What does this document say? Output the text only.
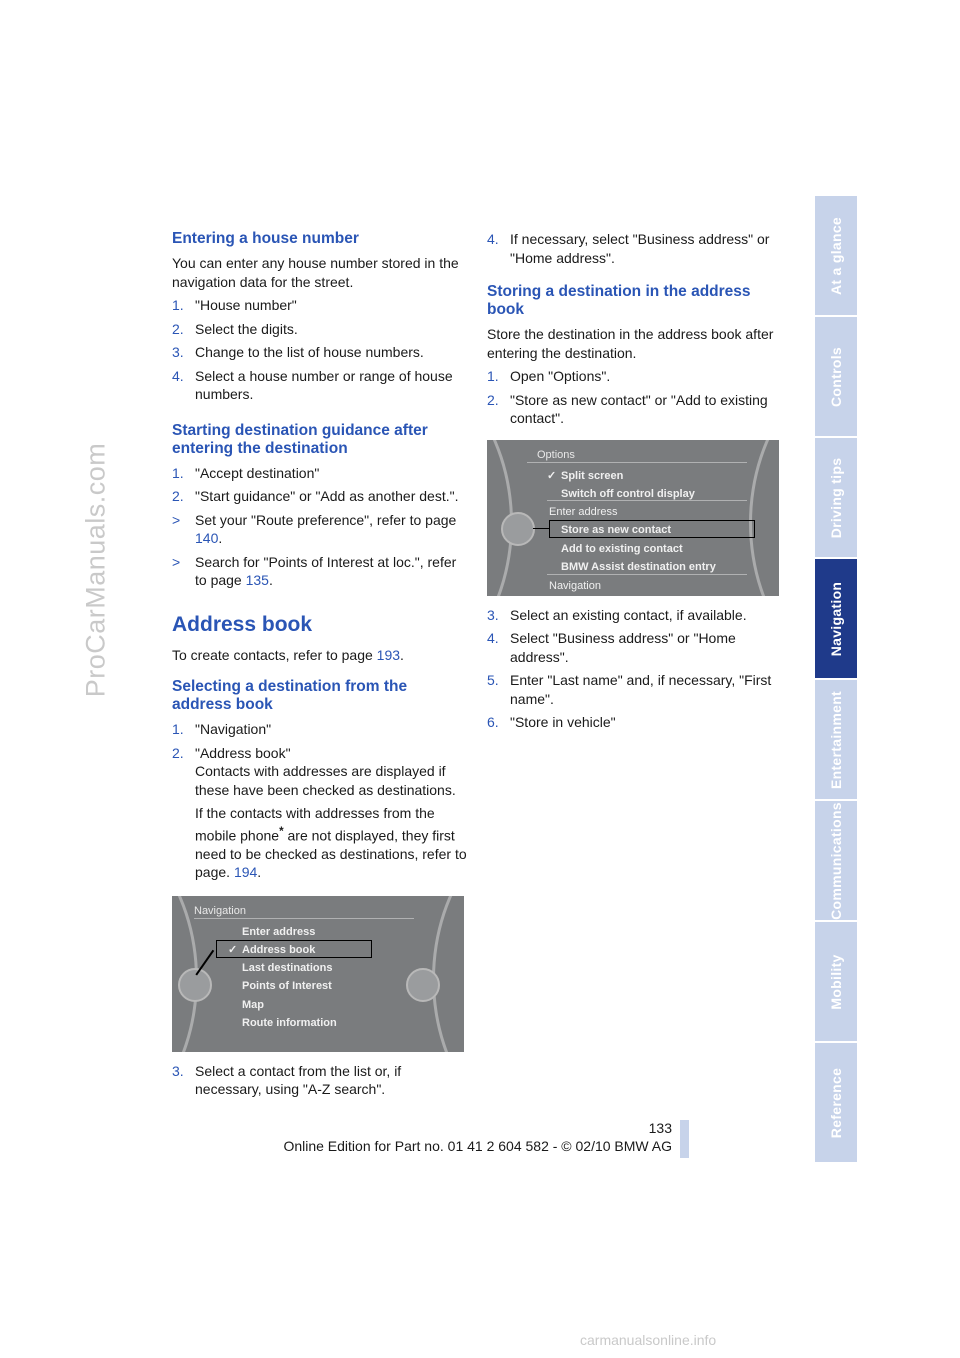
ProCarManuals.com
At a glance
Controls
Driving tips
Navigation
Entertainment
Communications
Mobility
Reference
Entering a house number

You can enter any house number stored in the navigation data for the street.

1. "House number"
2. Select the digits.
3. Change to the list of house numbers.
4. Select a house number or range of house numbers.
Starting destination guidance after entering the destination
1. "Accept destination"
2. "Start guidance" or "Add as another dest.".
>	Set your "Route preference", refer to page 140.
>	Search for "Points of Interest at loc.", refer to page 135.
Address book

To create contacts, refer to page 193.

Selecting a destination from the address book
1. "Navigation"
2. "Address book"
Contacts with addresses are displayed if these have been checked as destinations.
If the contacts with addresses from the mobile phone* are not displayed, they first need to be checked as destinations, refer to page. 194.
Navigation
Enter address
✓ Address book
Last destinations
Points of Interest
Map
Route information
3. Select a contact from the list or, if necessary, using "A-Z search".
4. If necessary, select "Business address" or "Home address".
Storing a destination in the address book

Store the destination in the address book after entering the destination.

1. Open "Options".
2. "Store as new contact" or "Add to existing contact".
Options
✓ Split screen
Switch off control display
Enter address
Store as new contact
Add to existing contact
BMW Assist destination entry
Navigation
3. Select an existing contact, if available.
4. Select "Business address" or "Home address".
5. Enter "Last name" and, if necessary, "First name".
6. "Store in vehicle"
133
Online Edition for Part no. 01 41 2 604 582 - © 02/10 BMW AG
carmanualsonline.info
